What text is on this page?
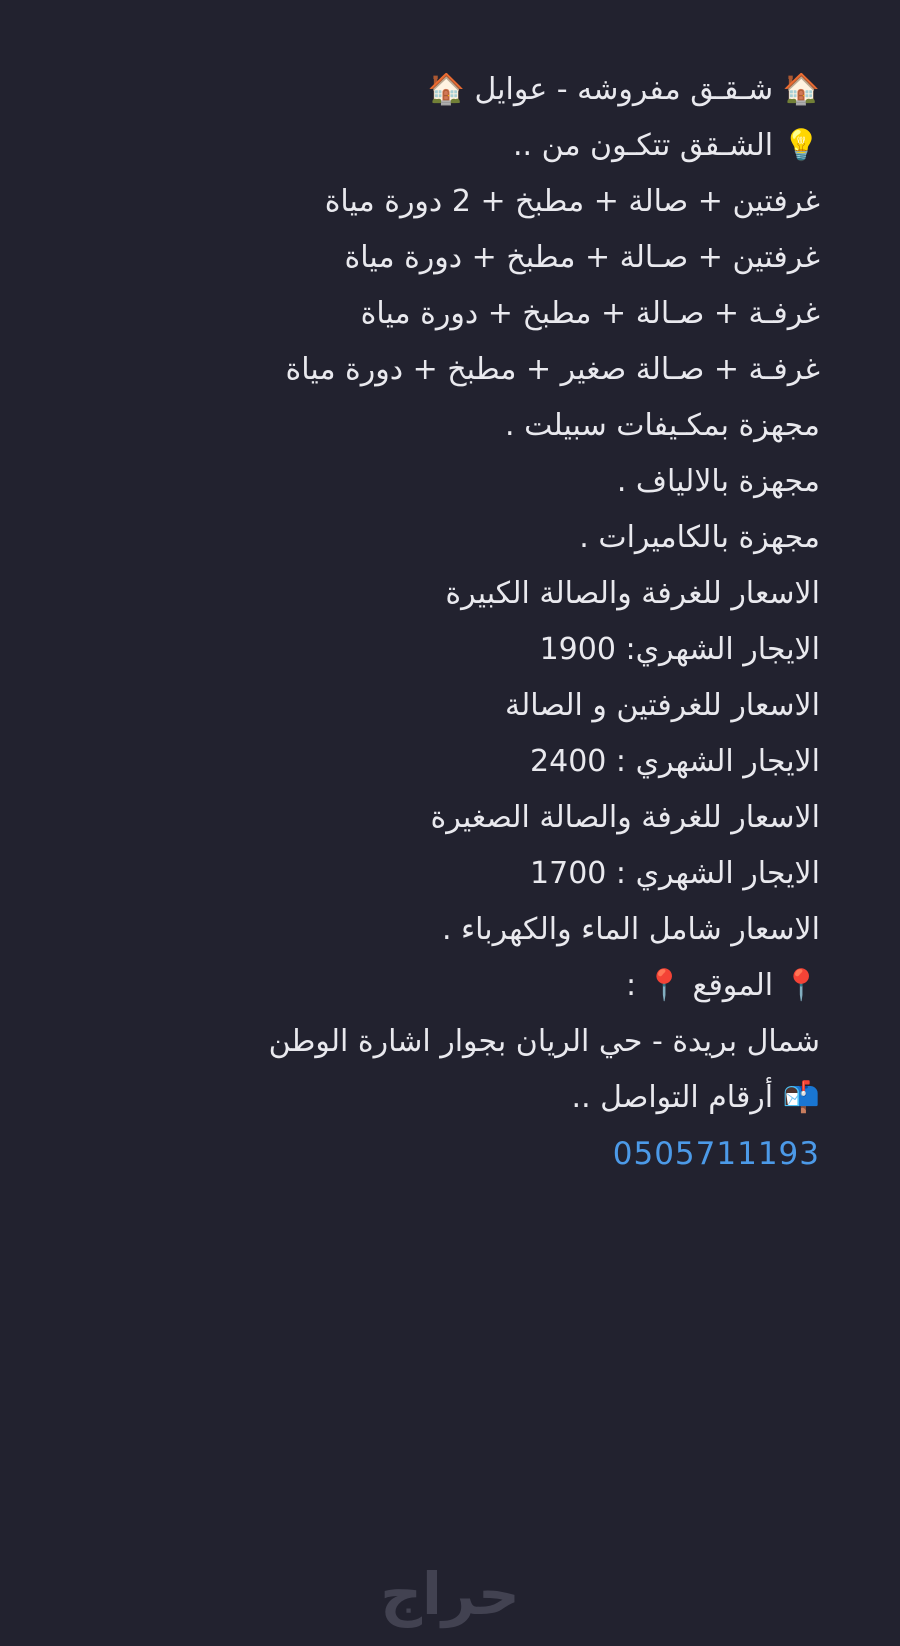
🏠 شـقـق مفروشه - عوايل 🏠
💡 الشـقق تتكـون من ..
غرفتين + صالة + مطبخ + 2 دورة مياة
غرفتين + صـالة + مطبخ + دورة مياة
غرفـة + صـالة + مطبخ + دورة مياة
غرفـة + صـالة صغير + مطبخ + دورة مياة
مجهزة بمكـيفات سبيلت .
مجهزة بالالياف .
مجهزة بالكاميرات .
الاسعار للغرفة والصالة الكبيرة
الايجار الشهري: 1900
الاسعار للغرفتين و الصالة
الايجار الشهري : 2400
الاسعار للغرفة والصالة الصغيرة
الايجار الشهري : 1700
الاسعار شامل الماء والكهرباء .
📍 الموقع 📍 :
شمال بريدة - حي الريان بجوار اشارة الوطن
📬 أرقام التواصل ..
0505711193
حراج
